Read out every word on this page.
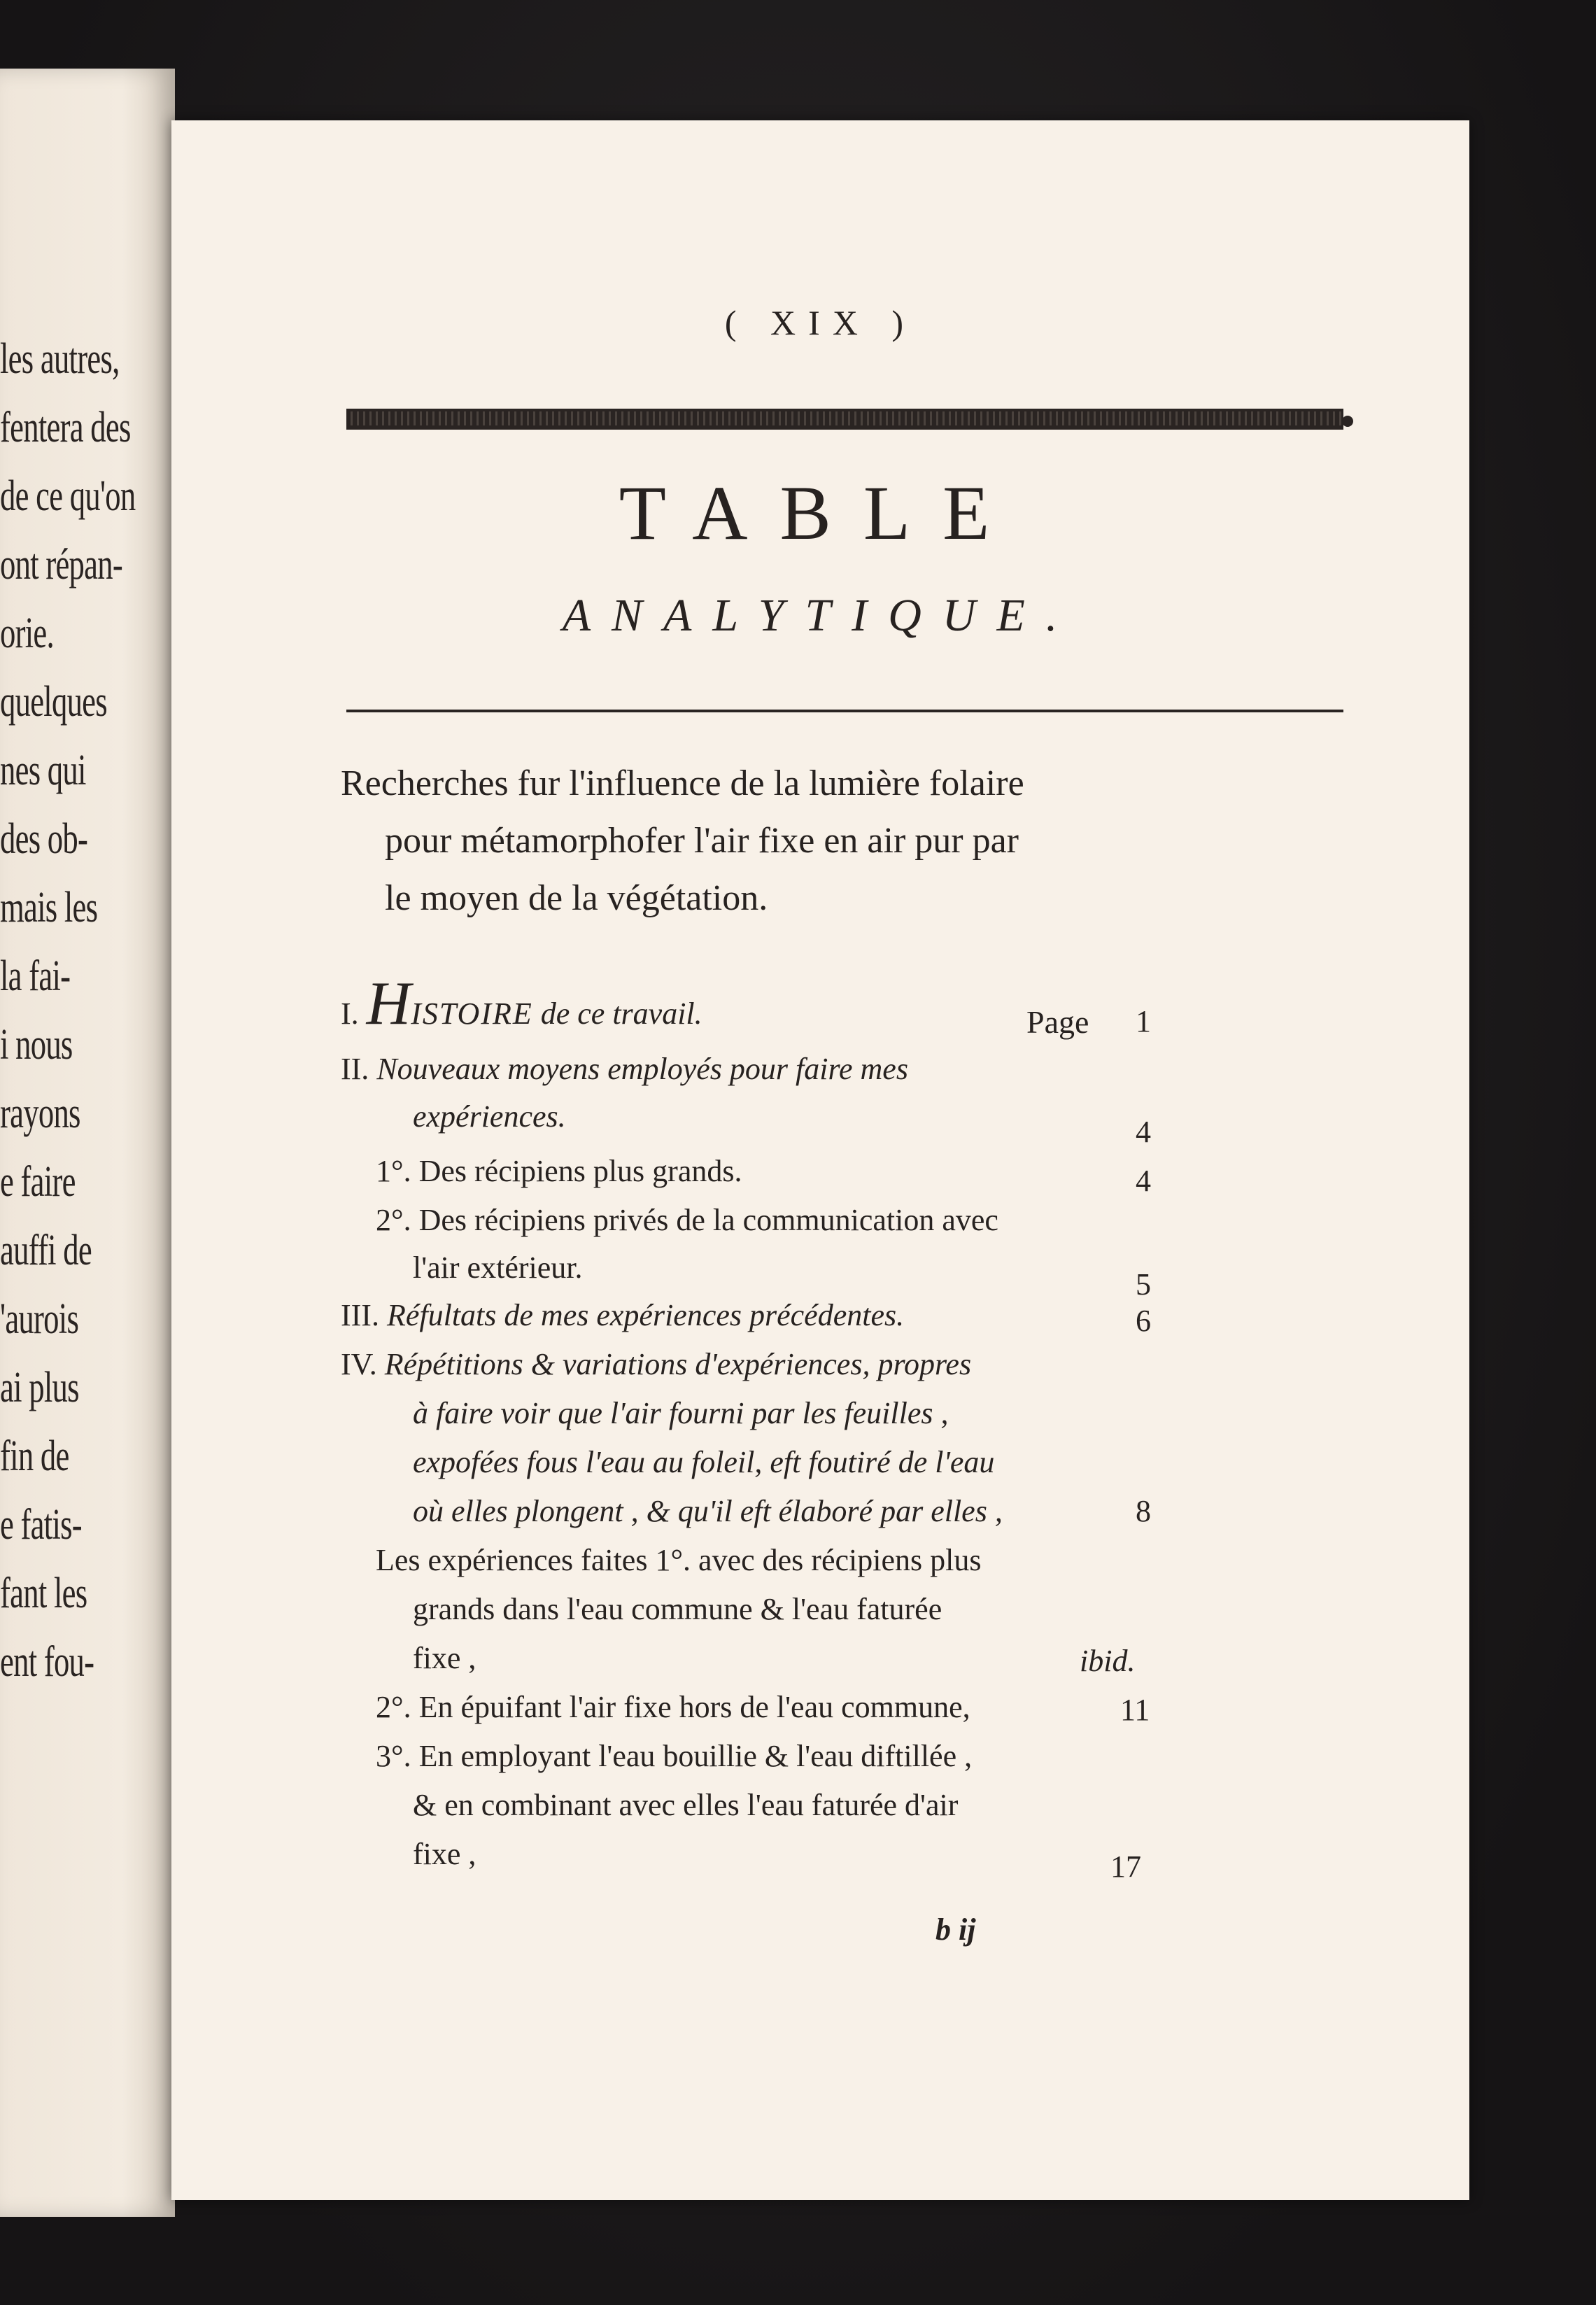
les autres,
fentera des
de ce qu'on
ont répan-
orie.
quelques
nes qui
des ob-
mais les
la fai-
i nous
rayons
e faire
auffi de
'aurois
ai plus
fin de
e fatis-
fant les
ent fou-
( XIX )
TABLE
ANALYTIQUE.
Recherches fur l'influence de la lumière folaire
pour métamorphofer l'air fixe en air pur par
le moyen de la végétation.
I. HISTOIRE de ce travail.	Page 1
II. Nouveaux moyens employés pour faire mes
expériences.	4
1°. Des récipiens plus grands.	4
2°. Des récipiens privés de la communication avec
l'air extérieur.	5
III. Réfultats de mes expériences précédentes.	6
IV. Répétitions & variations d'expériences, propres
à faire voir que l'air fourni par les feuilles ,
expofées fous l'eau au foleil, eft foutiré de l'eau
où elles plongent , & qu'il eft élaboré par elles ,	8
Les expériences faites 1°. avec des récipiens plus
grands dans l'eau commune & l'eau faturée
fixe ,	ibid.
2°. En épuifant l'air fixe hors de l'eau commune,	11
3°. En employant l'eau bouillie & l'eau diftillée ,
& en combinant avec elles l'eau faturée d'air
fixe ,	17
b ij
